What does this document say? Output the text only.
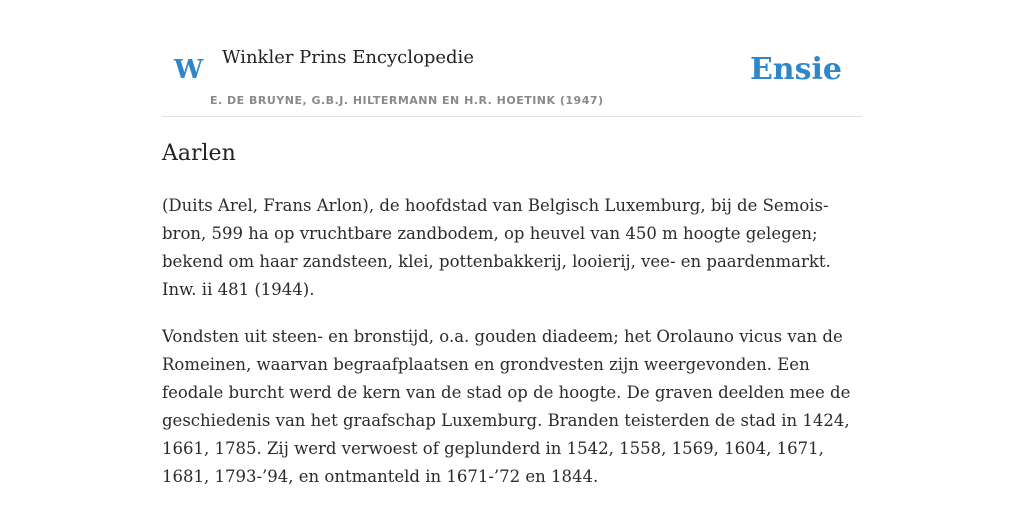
W Winkler Prins Encyclopedie
E. DE BRUYNE, G.B.J. HILTERMANN EN H.R. HOETINK (1947)
Ensie
Aarlen

(Duits Arel, Frans Arlon), de hoofdstad van Belgisch Luxemburg, bij de Semois-bron, 599 ha op vruchtbare zandbodem, op heuvel van 450 m hoogte gelegen; bekend om haar zandsteen, klei, pottenbakkerij, looierij, vee- en paardenmarkt. Inw. ii 481 (1944).

Vondsten uit steen- en bronstijd, o.a. gouden diadeem; het Orolauno vicus van de Romeinen, waarvan begraafplaatsen en grondvesten zijn weergevonden. Een feodale burcht werd de kern van de stad op de hoogte. De graven deelden mee de geschiedenis van het graafschap Luxemburg. Branden teisterden de stad in 1424, 1661, 1785. Zij werd verwoest of geplunderd in 1542, 1558, 1569, 1604, 1671, 1681, 1793-’94, en ontmanteld in 1671-’72 en 1844.
